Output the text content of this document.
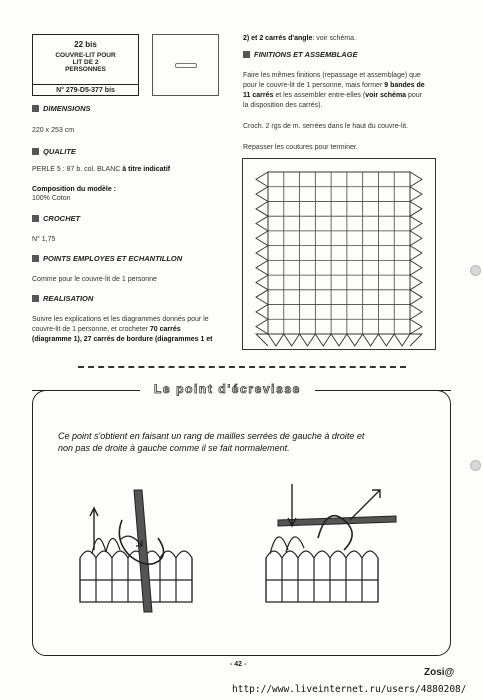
22 bis
COUVRE-LIT POUR
LIT DE 2
PERSONNES
N° 279-D5-377 bis
DIMENSIONS
220 x 253 cm
QUALITE
PERLE 5 : 87 b. col. BLANC à titre indicatif
Composition du modèle :
100% Coton
CROCHET
N° 1,75
POINTS EMPLOYES ET ECHANTILLON
Comme pour le couvre-lit de 1 personne
REALISATION
Suivre les explications et les diagrammes donnés pour le
couvre-lit de 1 personne, et crocheter 70 carrés
(diagramme 1), 27 carrés de bordure (diagrammes 1 et
2) et 2 carrés d'angle: voir schéma.
FINITIONS ET ASSEMBLAGE
Faire les mêmes finitions (repassage et assemblage) que
pour le couvre-lit de 1 personne, mais former 9 bandes de
11 carrés et les assembler entre-elles (voir schéma pour
la disposition des carrés).
Croch. 2 rgs de m. serrées dans le haut du couvre-lit.
Repasser les coutures pour terminer.
Le point d'écrevisse
Ce point s'obtient en faisant un rang de mailles serrées de gauche à droite et
non pas de droite à gauche comme il se fait normalement.
- 42 -
Zosi@
http://www.liveinternet.ru/users/4880208/
